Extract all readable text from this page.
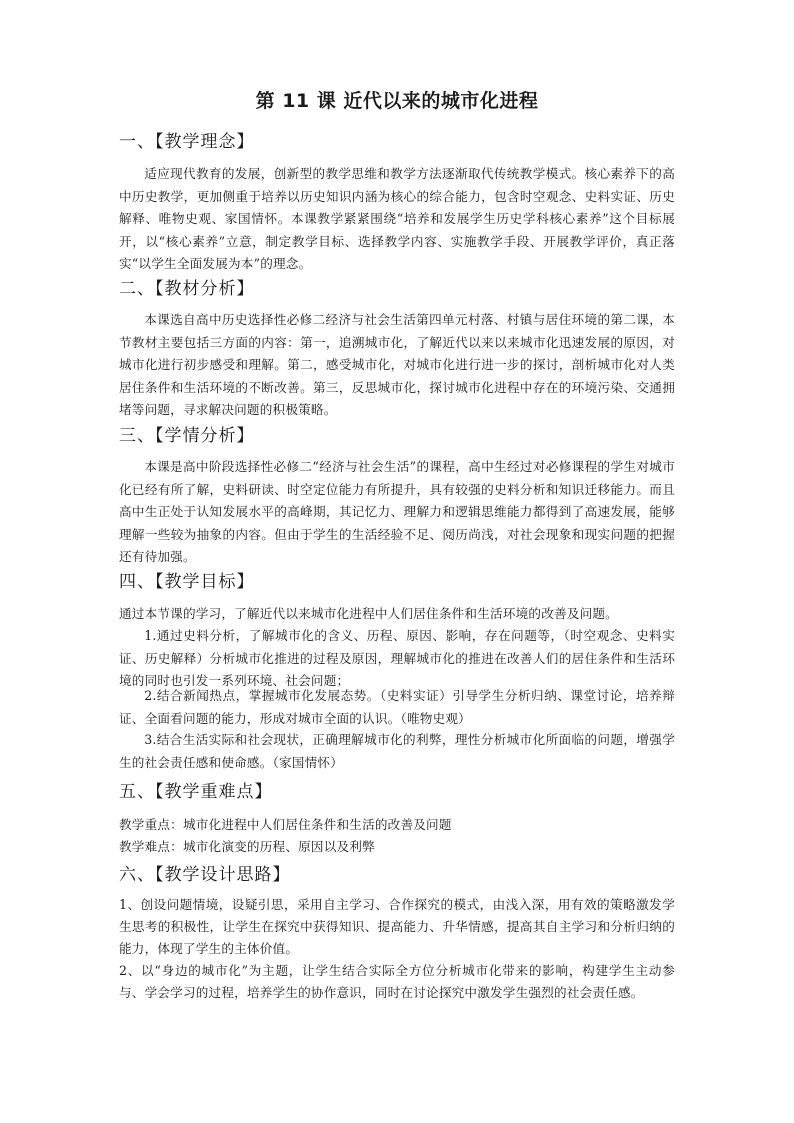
第 11 课 近代以来的城市化进程
一、【教学理念】
适应现代教育的发展，创新型的教学思维和教学方法逐渐取代传统教学模式。核心素养下的高中历史教学，更加侧重于培养以历史知识内涵为核心的综合能力，包含时空观念、史料实证、历史解释、唯物史观、家国情怀。本课教学紧紧围绕“培养和发展学生历史学科核心素养”这个目标展开，以“核心素养”立意，制定教学目标、选择教学内容、实施教学手段、开展教学评价，真正落实“以学生全面发展为本”的理念。
二、【教材分析】
本课选自高中历史选择性必修二经济与社会生活第四单元村落、村镇与居住环境的第二课，本节教材主要包括三方面的内容：第一，追溯城市化，了解近代以来以来城市化迅速发展的原因，对城市化进行初步感受和理解。第二，感受城市化，对城市化进行进一步的探讨，剖析城市化对人类居住条件和生活环境的不断改善。第三，反思城市化，探讨城市化进程中存在的环境污染、交通拥堵等问题，寻求解决问题的积极策略。
三、【学情分析】
本课是高中阶段选择性必修二“经济与社会生活”的课程，高中生经过对必修课程的学生对城市化已经有所了解，史料研读、时空定位能力有所提升，具有较强的史料分析和知识迁移能力。而且高中生正处于认知发展水平的高峰期，其记忆力、理解力和逻辑思维能力都得到了高速发展，能够理解一些较为抽象的内容。但由于学生的生活经验不足、阅历尚浅，对社会现象和现实问题的把握还有待加强。
四、【教学目标】
通过本节课的学习，了解近代以来城市化进程中人们居住条件和生活环境的改善及问题。
1.通过史料分析，了解城市化的含义、历程、原因、影响，存在问题等，（时空观念、史料实证、历史解释）分析城市化推进的过程及原因，理解城市化的推进在改善人们的居住条件和生活环境的同时也引发一系列环境、社会问题；
2.结合新闻热点，掌握城市化发展态势。（史料实证）引导学生分析归纳、课堂讨论，培养辩证、全面看问题的能力，形成对城市全面的认识。（唯物史观）
3.结合生活实际和社会现状，正确理解城市化的利弊，理性分析城市化所面临的问题，增强学生的社会责任感和使命感。（家国情怀）
五、【教学重难点】
教学重点：城市化进程中人们居住条件和生活的改善及问题
教学难点：城市化演变的历程、原因以及利弊
六、【教学设计思路】
1、创设问题情境，设疑引思，采用自主学习、合作探究的模式，由浅入深，用有效的策略激发学生思考的积极性，让学生在探究中获得知识、提高能力、升华情感，提高其自主学习和分析归纳的能力，体现了学生的主体价值。
2、以“身边的城市化”为主题，让学生结合实际全方位分析城市化带来的影响，构建学生主动参与、学会学习的过程，培养学生的协作意识，同时在讨论探究中激发学生强烈的社会责任感。
